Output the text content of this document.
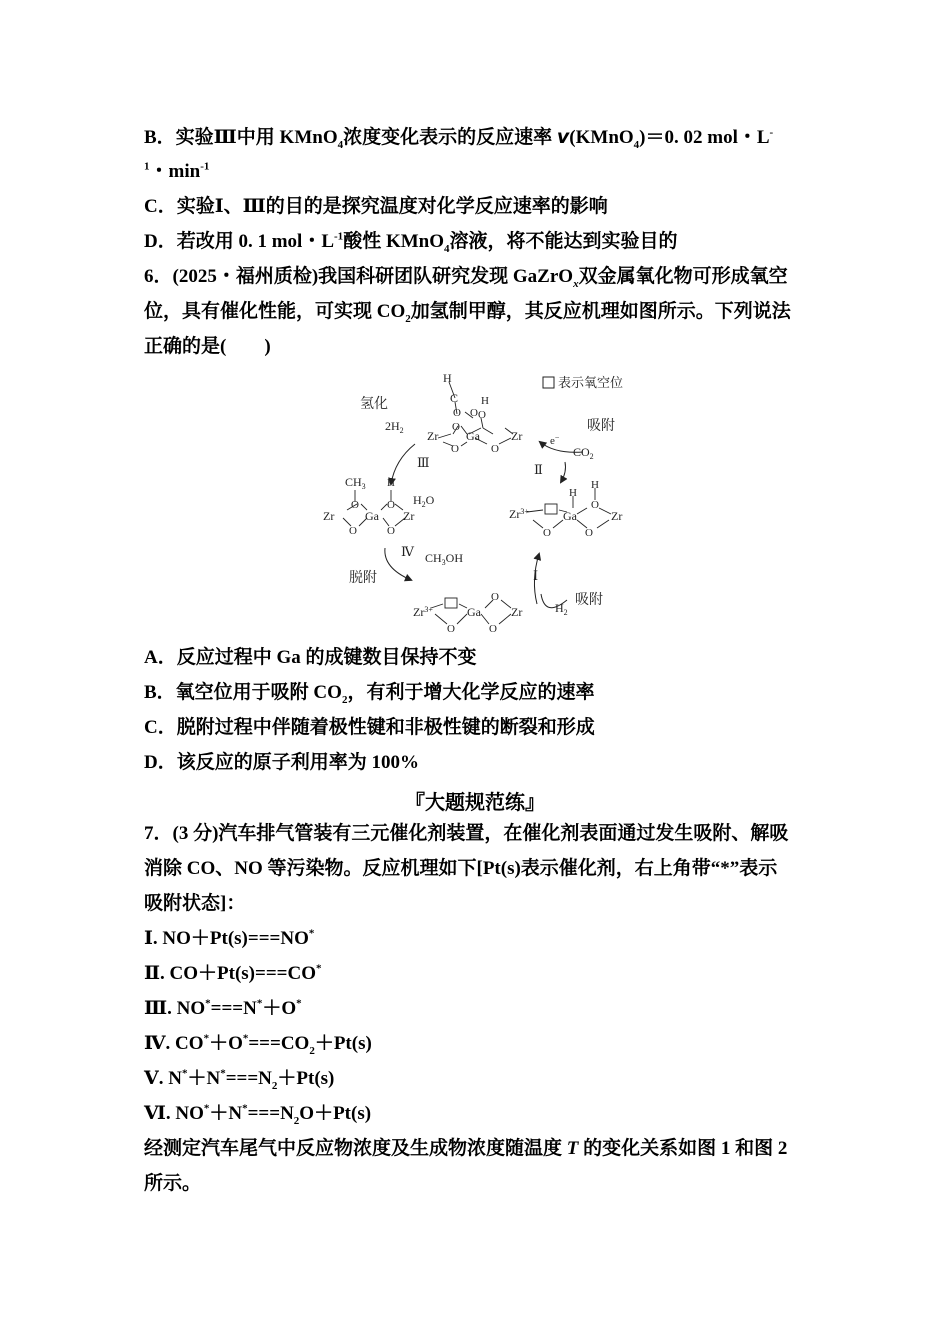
B．实验Ⅲ中用 KMnO$_4$浓度变化表示的反应速率 v(KMnO$_4$)＝0. 02 mol・L-
$^1$・$\min^{-1}$
C．实验Ⅰ、Ⅲ的目的是探究温度对化学反应速率的影响
D．若改用 0. 1 mol・$L^{-1}$酸性 KMnO$_4$溶液，将不能达到实验目的
6．(2025・福州质检)我国科研团队研究发现 GaZrO$_x$双金属氧化物可形成氧空
位，具有催化性能，可实现 $CO_2$加氢制甲醇，其反应机理如图所示。下列说法
正确的是(　　)
表示氧空位
H
C
O O
O
H
O
Zr Ga	Zr
O	O
氢化
$2H_2$	吸附
e−
$CO_2$
Ⅲ	Ⅱ
$CH_3$ H
O	O
Zr	Ga Zr
O	O
$H_2O$	H
H
O
$Zr^{3+}$	Ga	Zr
O	O
Ⅳ $CH_3OH$
脱附	Ⅰ
吸附
$H_2$
$Zr^{3+}$	Ga
O
Zr
O	O
A．反应过程中 Ga 的成键数目保持不变
B．氧空位用于吸附 $CO_2$，有利于增大化学反应的速率
C．脱附过程中伴随着极性键和非极性键的断裂和形成
D．该反应的原子利用率为 100%
『大题规范练』
7．(3 分)汽车排气管装有三元催化剂装置，在催化剂表面通过发生吸附、解吸
消除 CO、NO 等污染物。反应机理如下[Pt(s)表示催化剂，右上角带“*”表示
吸附状态]：
Ⅰ. NO＋Pt(s)===NO*
Ⅱ. CO＋Pt(s)===CO*
Ⅲ. NO*===N*＋O*
Ⅳ. $CO^*+O^*===CO_2+Pt(s)$
Ⅴ. $N^*+N^*===N_2+Pt(s)$
Ⅵ. $NO^*+N^*===N_2O+Pt(s)$
经测定汽车尾气中反应物浓度及生成物浓度随温度 T 的变化关系如图 1 和图 2
所示。
